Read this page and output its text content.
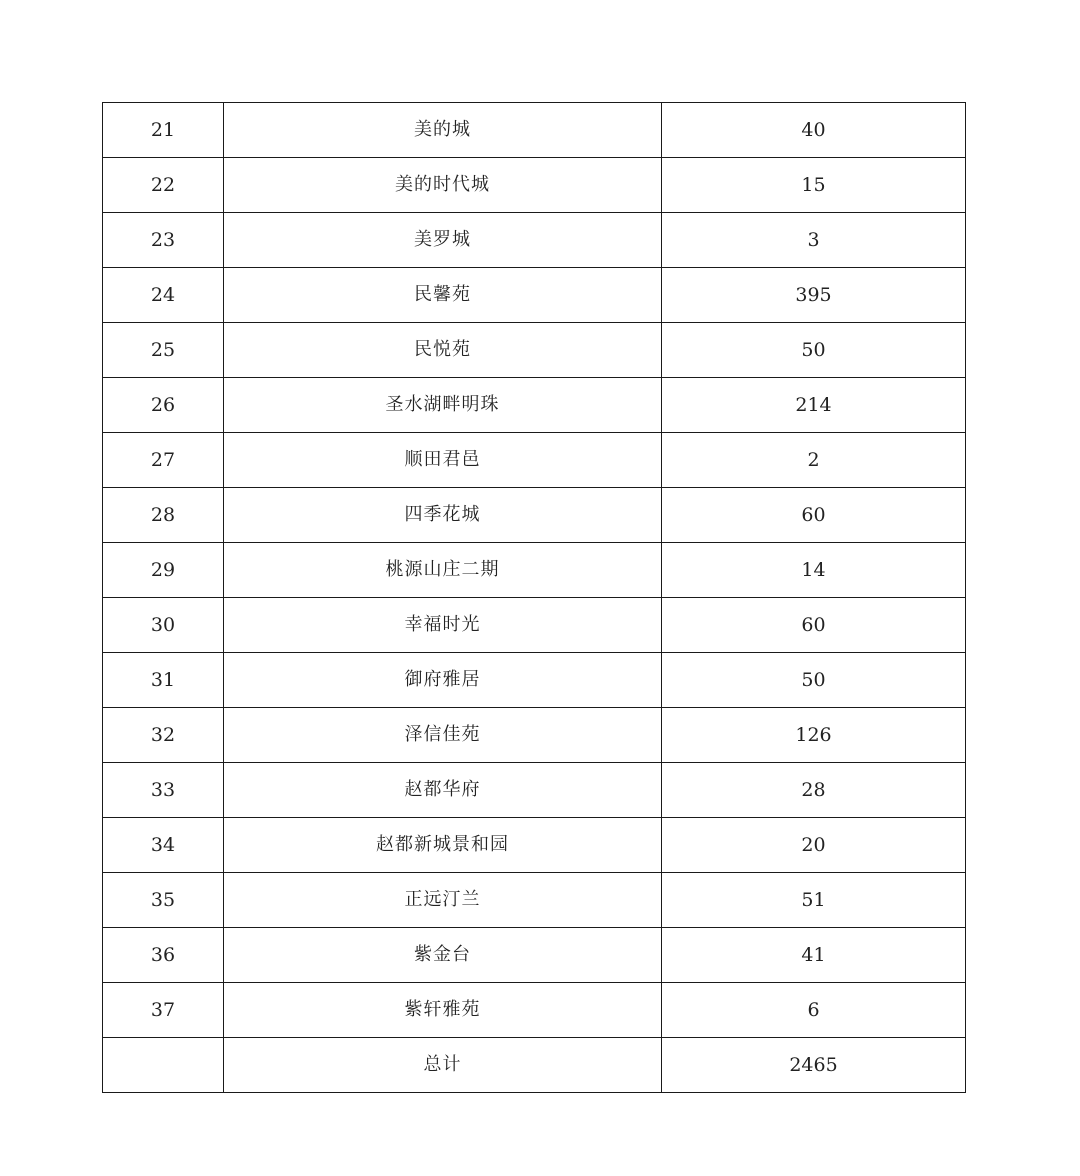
21	美的城	40
22	美的时代城	15
23	美罗城	3
24	民馨苑	395
25	民悦苑	50
26	圣水湖畔明珠	214
27	顺田君邑	2
28	四季花城	60
29	桃源山庄二期	14
30	幸福时光	60
31	御府雅居	50
32	泽信佳苑	126
33	赵都华府	28
34	赵都新城景和园	20
35	正远汀兰	51
36	紫金台	41
37	紫轩雅苑	6
	总计	2465
